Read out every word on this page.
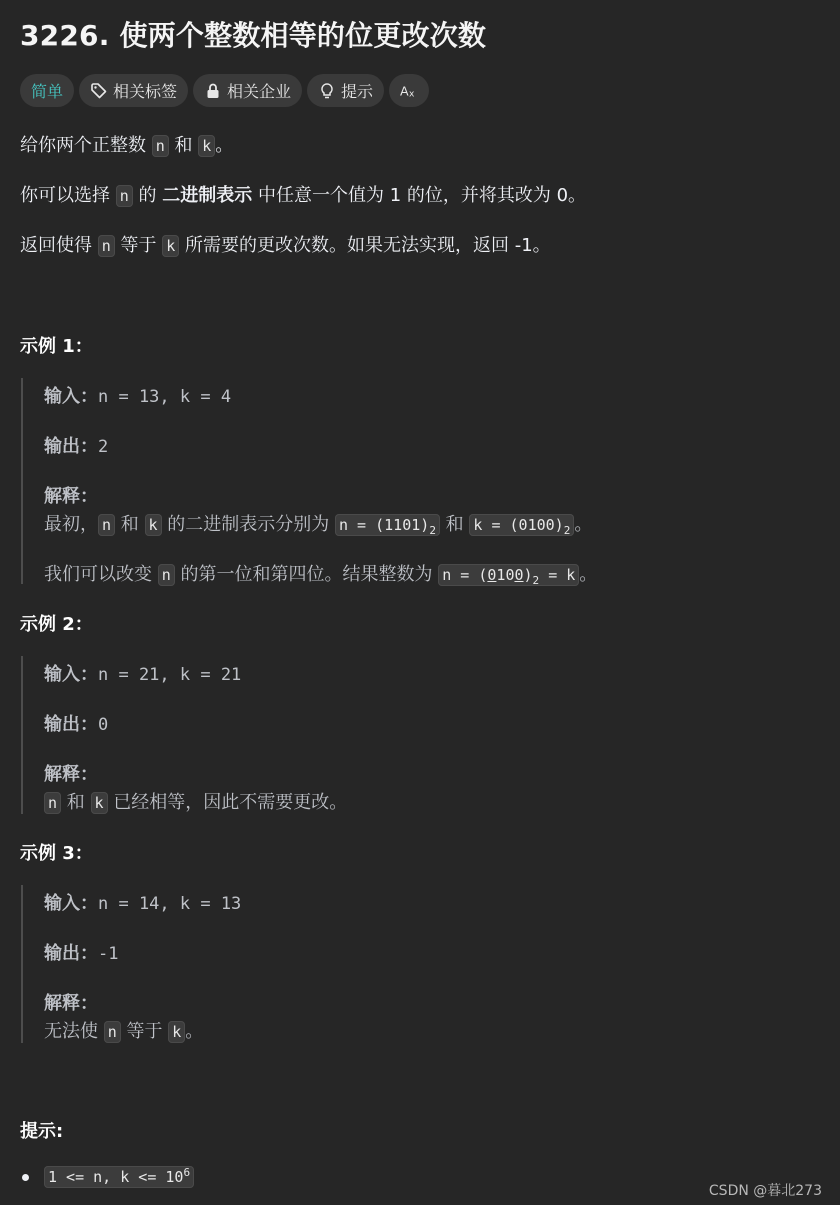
3226. 使两个整数相等的位更改次数
简单	相关标签	相关企业	提示 A x
给你两个正整数 n 和 k 。
你可以选择 n 的 二进制表示 中任意一个值为 1 的位，并将其改为 0。
返回使得 n 等于 k 所需要的更改次数。如果无法实现，返回 -1。
示例 1：
输入：n = 13, k = 4
输出：2
解释：
最初， n 和 k 的二进制表示分别为 $n = (1101)_2$ 和 $k = (0100)_2$ 。
我们可以改变 n 的第一位和第四位。结果整数为 $n = (0100)_2 = k$ 。
示例 2：
输入：n = 21, k = 21
输出：0
解释：
n 和 k 已经相等，因此不需要更改。
示例 3：
输入：n = 14, k = 13
输出：-1
解释：
无法使 n 等于 k 。
提示:
1 <= n, $k <= 10^6$
CSDN @暮北273
